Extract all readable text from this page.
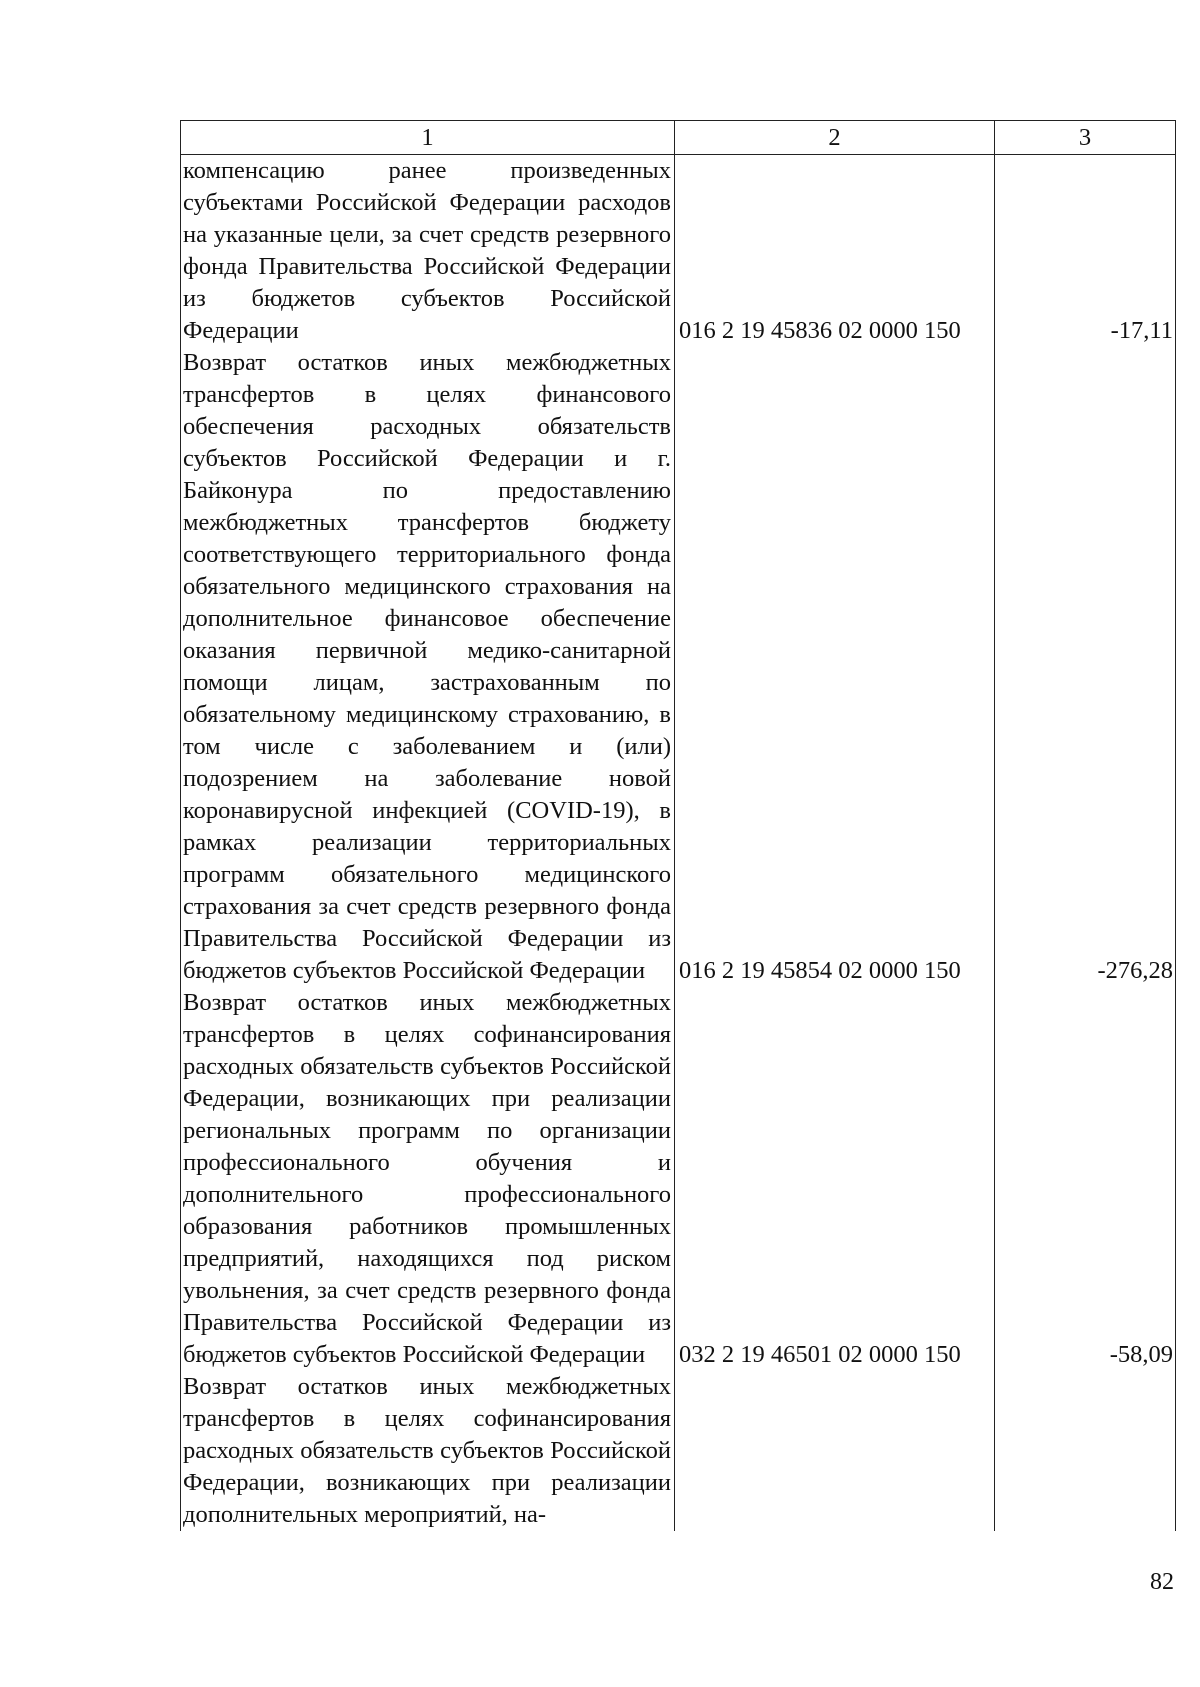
1	2	3
компенсацию ранее произведенных субъектами Российской Федерации расходов на указанные цели, за счет средств резервного фонда Правительства Российской Федерации из бюджетов субъектов Российской Федерации	016 2 19 45836 02 0000 150	-17,11
Возврат остатков иных межбюджетных трансфертов в целях финансового обеспечения расходных обязательств субъектов Российской Федерации и г. Байконура по предоставлению межбюджетных трансфертов бюджету соответствующего территориального фонда обязательного медицинского страхования на дополнительное финансовое обеспечение оказания первичной медико-санитарной помощи лицам, застрахованным по обязательному медицинскому страхованию, в том числе с заболеванием и (или) подозрением на заболевание новой коронавирусной инфекцией (COVID-19), в рамках реализации территориальных программ обязательного медицинского страхования за счет средств резервного фонда Правительства Российской Федерации из бюджетов субъектов Российской Федерации	016 2 19 45854 02 0000 150	-276,28
Возврат остатков иных межбюджетных трансфертов в целях софинансирования расходных обязательств субъектов Российской Федерации, возникающих при реализации региональных программ по организации профессионального обучения и дополнительного профессионального образования работников промышленных предприятий, находящихся под риском увольнения, за счет средств резервного фонда Правительства Российской Федерации из бюджетов субъектов Российской Федерации	032 2 19 46501 02 0000 150	-58,09
Возврат остатков иных межбюджетных трансфертов в целях софинансирования расходных обязательств субъектов Российской Федерации, возникающих при реализации дополнительных мероприятий, на-		
82
